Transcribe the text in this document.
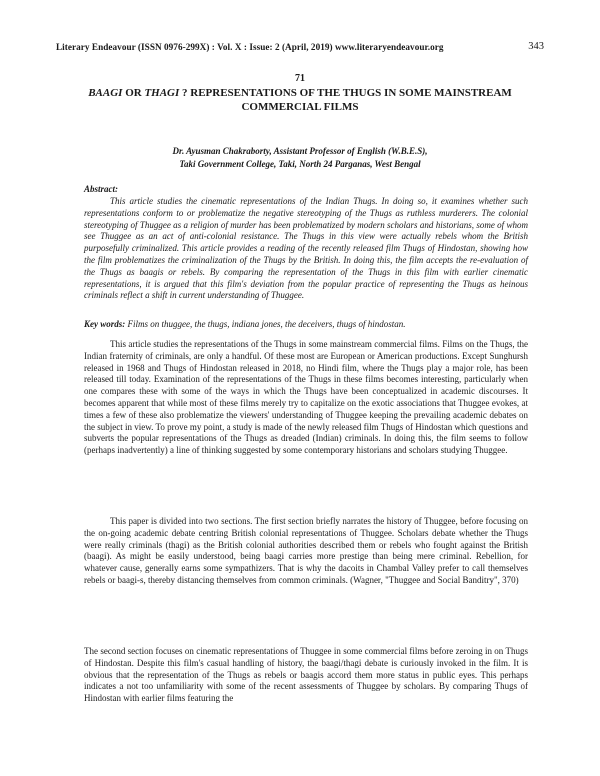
Literary Endeavour (ISSN 0976-299X) : Vol. X : Issue: 2 (April, 2019) www.literaryendeavour.org	343
71
BAAGI OR THAGI ? REPRESENTATIONS OF THE THUGS IN SOME MAINSTREAM COMMERCIAL FILMS
Dr. Ayusman Chakraborty, Assistant Professor of English (W.B.E.S),
Taki Government College, Taki, North 24 Parganas, West Bengal
Abstract:
This article studies the cinematic representations of the Indian Thugs. In doing so, it examines whether such representations conform to or problematize the negative stereotyping of the Thugs as ruthless murderers. The colonial stereotyping of Thuggee as a religion of murder has been problematized by modern scholars and historians, some of whom see Thuggee as an act of anti-colonial resistance. The Thugs in this view were actually rebels whom the British purposefully criminalized. This article provides a reading of the recently released film Thugs of Hindostan, showing how the film problematizes the criminalization of the Thugs by the British. In doing this, the film accepts the re-evaluation of the Thugs as baagis or rebels. By comparing the representation of the Thugs in this film with earlier cinematic representations, it is argued that this film's deviation from the popular practice of representing the Thugs as heinous criminals reflect a shift in current understanding of Thuggee.
Key words: Films on thuggee, the thugs, indiana jones, the deceivers, thugs of hindostan.
This article studies the representations of the Thugs in some mainstream commercial films. Films on the Thugs, the Indian fraternity of criminals, are only a handful. Of these most are European or American productions. Except Sunghursh released in 1968 and Thugs of Hindostan released in 2018, no Hindi film, where the Thugs play a major role, has been released till today. Examination of the representations of the Thugs in these films becomes interesting, particularly when one compares these with some of the ways in which the Thugs have been conceptualized in academic discourses. It becomes apparent that while most of these films merely try to capitalize on the exotic associations that Thuggee evokes, at times a few of these also problematize the viewers' understanding of Thuggee keeping the prevailing academic debates on the subject in view. To prove my point, a study is made of the newly released film Thugs of Hindostan which questions and subverts the popular representations of the Thugs as dreaded (Indian) criminals. In doing this, the film seems to follow (perhaps inadvertently) a line of thinking suggested by some contemporary historians and scholars studying Thuggee.
This paper is divided into two sections. The first section briefly narrates the history of Thuggee, before focusing on the on-going academic debate centring British colonial representations of Thuggee. Scholars debate whether the Thugs were really criminals (thagi) as the British colonial authorities described them or rebels who fought against the British (baagi). As might be easily understood, being baagi carries more prestige than being mere criminal. Rebellion, for whatever cause, generally earns some sympathizers. That is why the dacoits in Chambal Valley prefer to call themselves rebels or baagi-s, thereby distancing themselves from common criminals. (Wagner, "Thuggee and Social Banditry", 370)
The second section focuses on cinematic representations of Thuggee in some commercial films before zeroing in on Thugs of Hindostan. Despite this film's casual handling of history, the baagi/thagi debate is curiously invoked in the film. It is obvious that the representation of the Thugs as rebels or baagis accord them more status in public eyes. This perhaps indicates a not too unfamiliarity with some of the recent assessments of Thuggee by scholars. By comparing Thugs of Hindostan with earlier films featuring the
